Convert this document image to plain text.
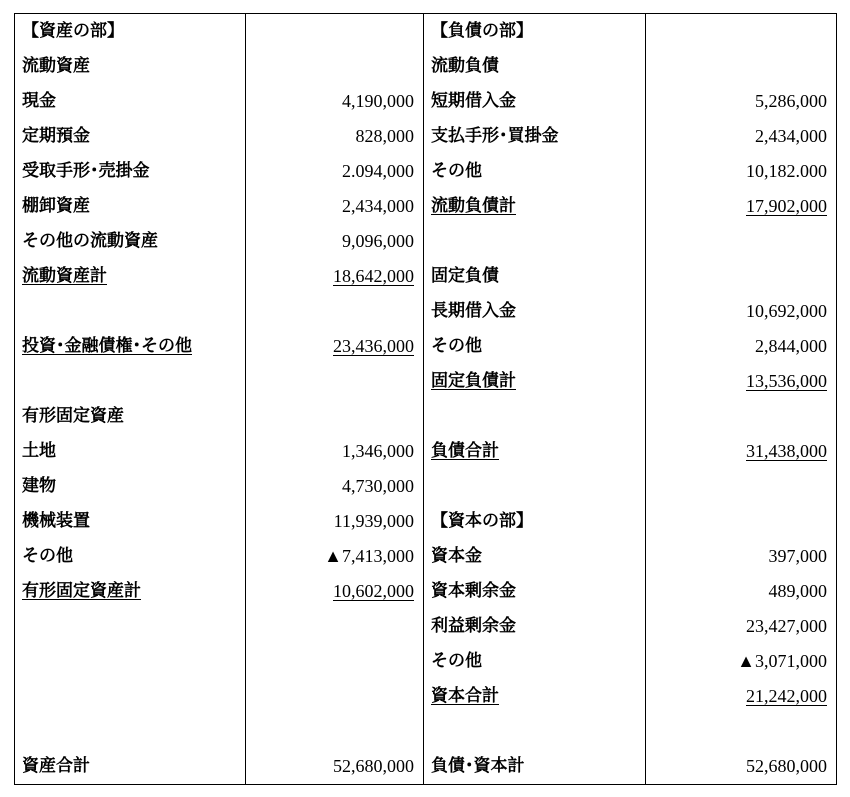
【資産の部】		【負債の部】	
流動資産		流動負債	
現金	4,190,000	短期借入金	5,286,000
定期預金	828,000	支払手形･買掛金	2,434,000
受取手形･売掛金	2.094,000	その他	10,182.000
棚卸資産	2,434,000	流動負債計	17,902,000
その他の流動資産	9,096,000		
流動資産計	18,642,000	固定負債	
		長期借入金	10,692,000
投資･金融債権･その他	23,436,000	その他	2,844,000
		固定負債計	13,536,000
有形固定資産			
土地	1,346,000	負債合計	31,438,000
建物	4,730,000		
機械装置	11,939,000	【資本の部】	
その他	▲7,413,000	資本金	397,000
有形固定資産計	10,602,000	資本剰余金	489,000
		利益剰余金	23,427,000
		その他	▲3,071,000
		資本合計	21,242,000

資産合計	52,680,000	負債･資本計	52,680,000
